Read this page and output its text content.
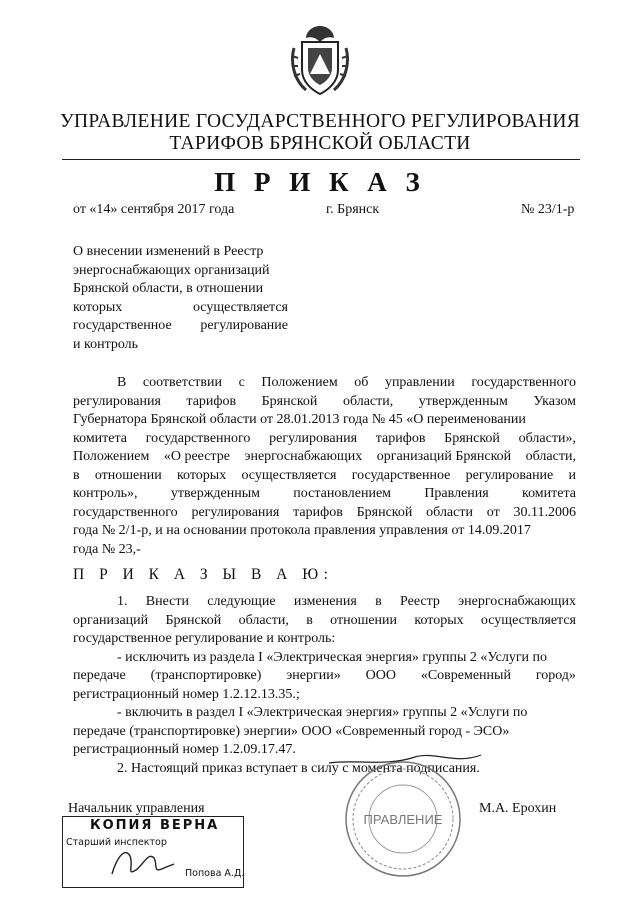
УПРАВЛЕНИЕ ГОСУДАРСТВЕННОГО РЕГУЛИРОВАНИЯ
ТАРИФОВ БРЯНСКОЙ ОБЛАСТИ
П Р И К А З
от «14» сентября 2017 года	г. Брянск	№ 23/1-р
О внесении изменений в Реестр
энергоснабжающих организаций
Брянской области, в отношении
которых	осуществляется
государственное регулирование
и контроль
В соответствии с Положением об управлении государственного
регулирования тарифов Брянской области, утвержденным Указом
Губернатора Брянской области от 28.01.2013 года № 45 «О переименовании
комитета государственного регулирования тарифов Брянской области»,
Положением «О реестре энергоснабжающих организаций Брянской области,
в отношении которых осуществляется государственное регулирование и
контроль», утвержденным постановлением Правления комитета
государственного регулирования тарифов Брянской области от 30.11.2006
года № 2/1-р, и на основании протокола правления управления от 14.09.2017
года № 23,-
П Р И К А З Ы В А Ю:
1. Внести следующие изменения в Реестр энергоснабжающих
организаций Брянской области, в отношении которых осуществляется
государственное регулирование и контроль:
- исключить из раздела I «Электрическая энергия» группы 2 «Услуги по
передаче (транспортировке) энергии» ООО «Современный город»
регистрационный номер 1.2.12.13.35.;
- включить в раздел I «Электрическая энергия» группы 2 «Услуги по
передаче (транспортировке) энергии» ООО «Современный город - ЭСО»
регистрационный номер 1.2.09.17.47.
2. Настоящий приказ вступает в силу с момента подписания.
Начальник управления	М.А. Ерохин
ПРАВЛЕНИЕ
КОПИЯ ВЕРНА
Старший инспектор
Попова А.Д.
